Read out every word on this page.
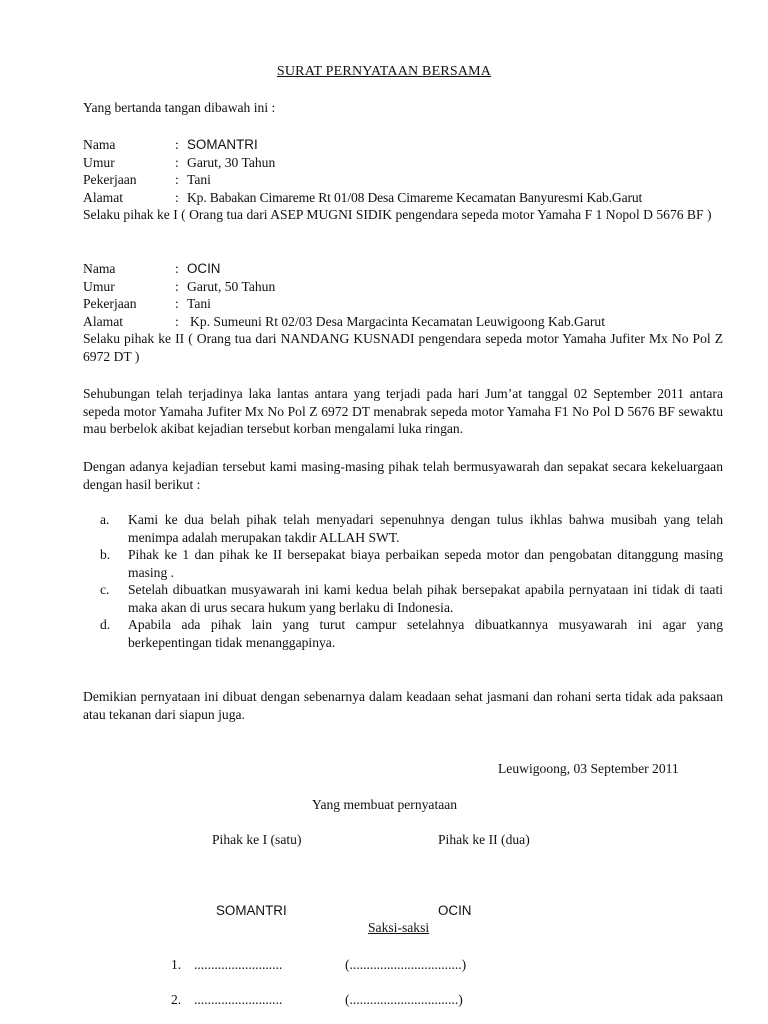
SURAT PERNYATAAN BERSAMA
Yang bertanda tangan dibawah ini :
Nama	: SOMANTRI
Umur	: Garut, 30 Tahun
Pekerjaan	: Tani
Alamat	: Kp. Babakan Cimareme Rt 01/08 Desa Cimareme Kecamatan Banyuresmi Kab.Garut
Selaku pihak ke I ( Orang tua dari ASEP MUGNI SIDIK pengendara sepeda motor Yamaha F 1 Nopol D 5676 BF )
Nama	: OCIN
Umur	: Garut, 50 Tahun
Pekerjaan	: Tani
Alamat	: Kp. Sumeuni Rt 02/03 Desa Margacinta Kecamatan Leuwigoong Kab.Garut
Selaku pihak ke II ( Orang tua dari NANDANG KUSNADI pengendara sepeda motor Yamaha Jufiter Mx No Pol Z 6972 DT )
Sehubungan telah terjadinya laka lantas antara yang terjadi pada hari Jum’at tanggal 02 September 2011 antara sepeda motor Yamaha Jufiter Mx No Pol Z 6972 DT menabrak sepeda motor Yamaha F1 No Pol D 5676 BF sewaktu mau berbelok akibat kejadian tersebut korban mengalami luka ringan.
Dengan adanya kejadian tersebut kami masing-masing pihak telah bermusyawarah dan sepakat secara kekeluargaan dengan hasil berikut :
a.	Kami ke dua belah pihak telah menyadari sepenuhnya dengan tulus ikhlas bahwa musibah yang telah menimpa adalah merupakan takdir ALLAH SWT.
b.	Pihak ke 1 dan pihak ke II bersepakat biaya perbaikan sepeda motor dan pengobatan ditanggung masing masing .
c.	Setelah dibuatkan musyawarah ini kami kedua belah pihak bersepakat apabila pernyataan ini tidak di taati maka akan di urus secara hukum yang berlaku di Indonesia.
d.	Apabila ada pihak lain yang turut campur setelahnya dibuatkannya musyawarah ini agar yang berkepentingan tidak menanggapinya.
Demikian pernyataan ini dibuat dengan sebenarnya dalam keadaan sehat jasmani dan rohani serta tidak ada paksaan atau tekanan dari siapun juga.
Leuwigoong, 03 September 2011
Yang membuat pernyataan
Pihak ke I (satu)	Pihak ke II (dua)
SOMANTRI	OCIN
Saksi-saksi
1. ..........................	(.................................)
2. ..........................	(................................)
